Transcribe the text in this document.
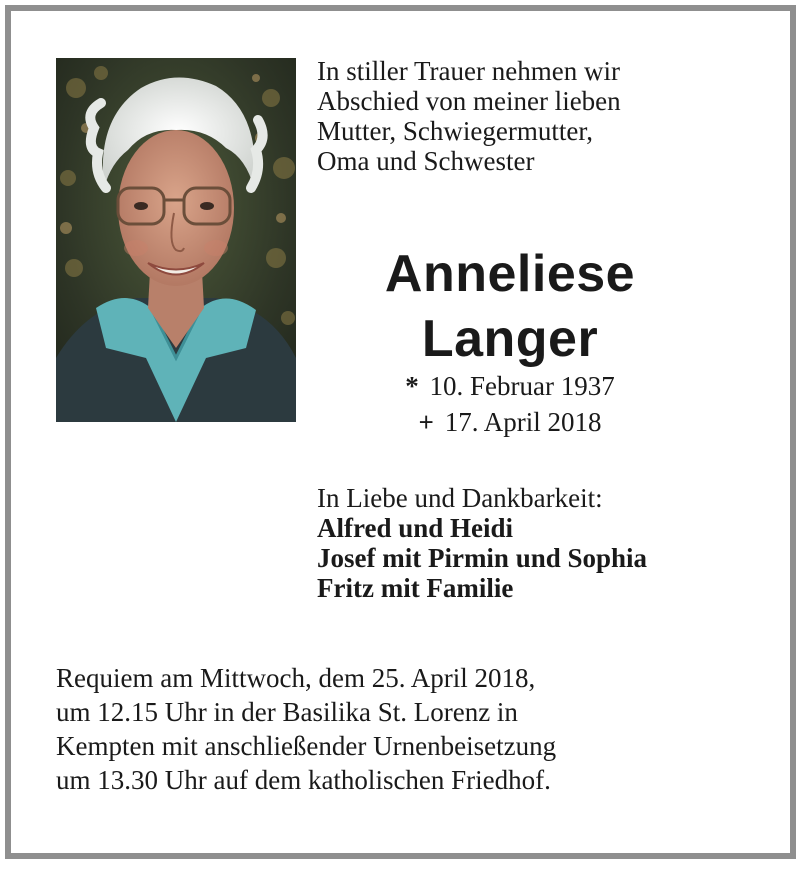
In stiller Trauer nehmen wir
Abschied von meiner lieben
Mutter, Schwiegermutter,
Oma und Schwester
Anneliese
Langer
* 10. Februar 1937
+ 17. April 2018
In Liebe und Dankbarkeit:
Alfred und Heidi
Josef mit Pirmin und Sophia
Fritz mit Familie
Requiem am Mittwoch, dem 25. April 2018,
um 12.15 Uhr in der Basilika St. Lorenz in
Kempten mit anschließender Urnenbeisetzung
um 13.30 Uhr auf dem katholischen Friedhof.
